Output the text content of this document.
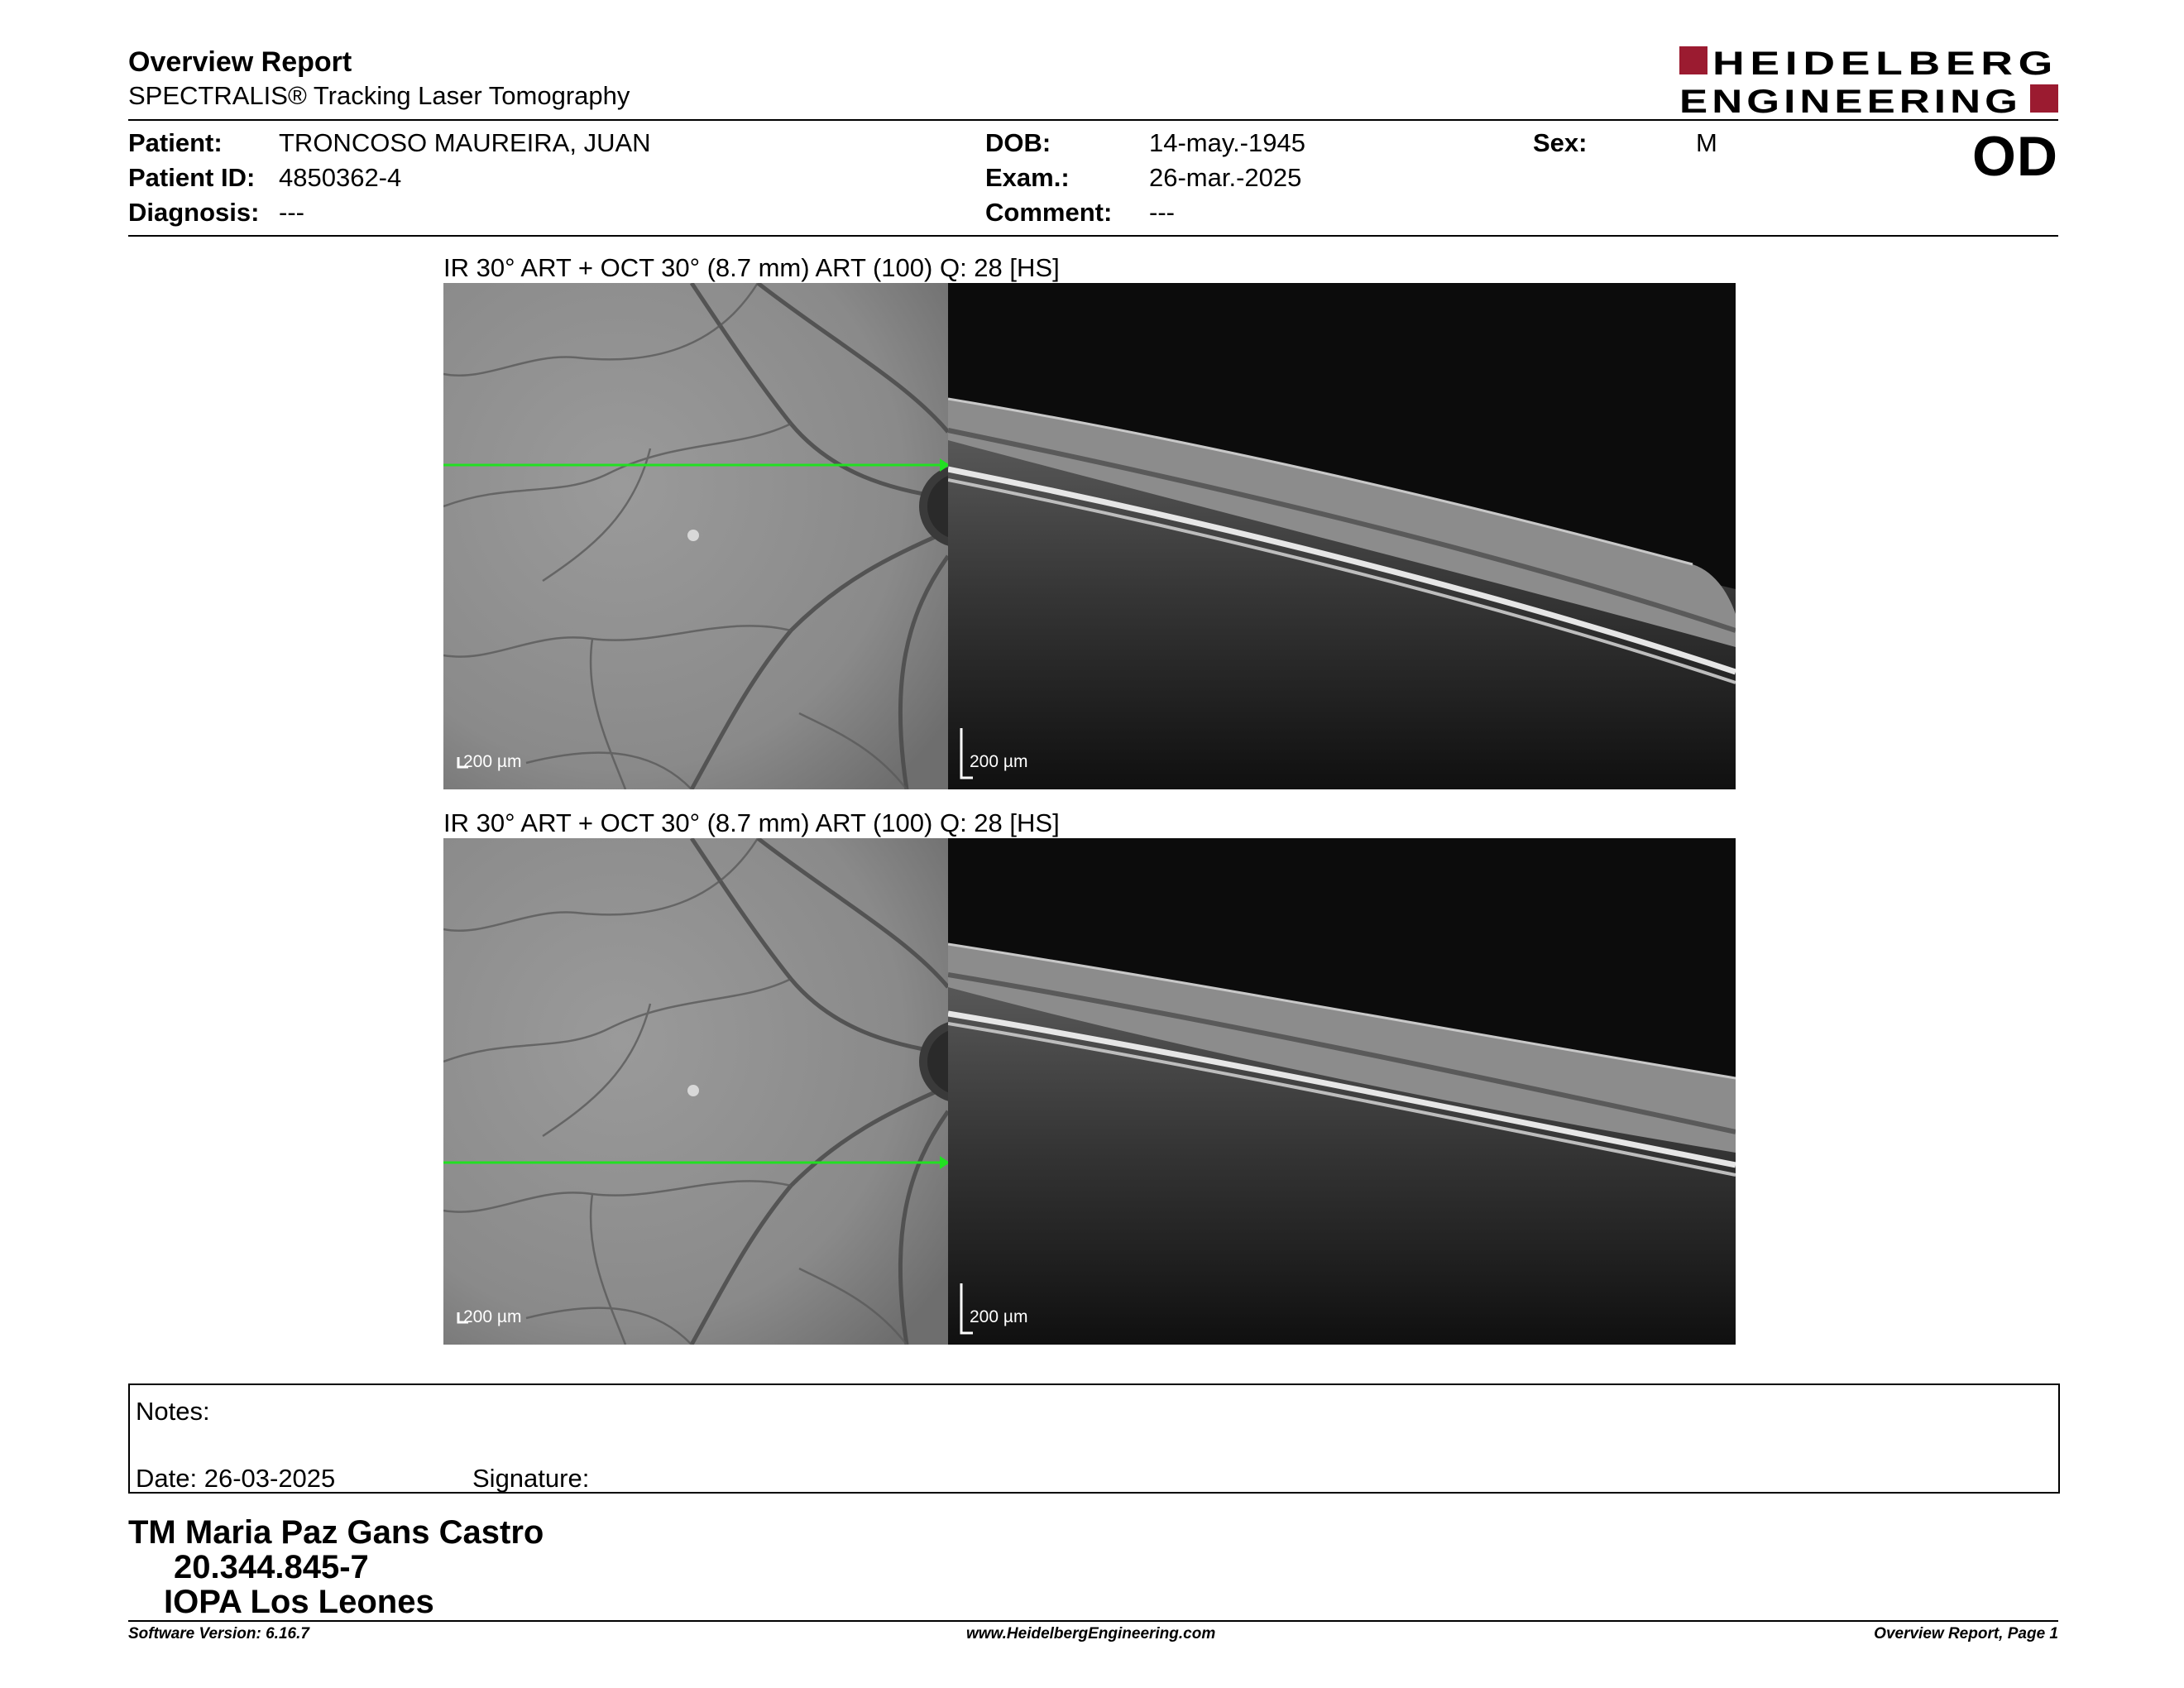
Overview Report
SPECTRALIS® Tracking Laser Tomography
HEIDELBERG
ENGINEERING
Patient: TRONCOSO MAUREIRA, JUAN
Patient ID: 4850362-4
Diagnosis: ---
DOB:	14-may.-1945
Exam.:	26-mar.-2025
Comment: ---
Sex:	M	OD
IR 30° ART + OCT 30° (8.7 mm) ART (100) Q: 28 [HS]
200 µm	200 µm
IR 30° ART + OCT 30° (8.7 mm) ART (100) Q: 28 [HS]
200 µm	200 µm
Notes:
Date: 26-03-2025	Signature:
TM Maria Paz Gans Castro
20.344.845-7
IOPA Los Leones
Software Version: 6.16.7	www.HeidelbergEngineering.com	Overview Report, Page 1
